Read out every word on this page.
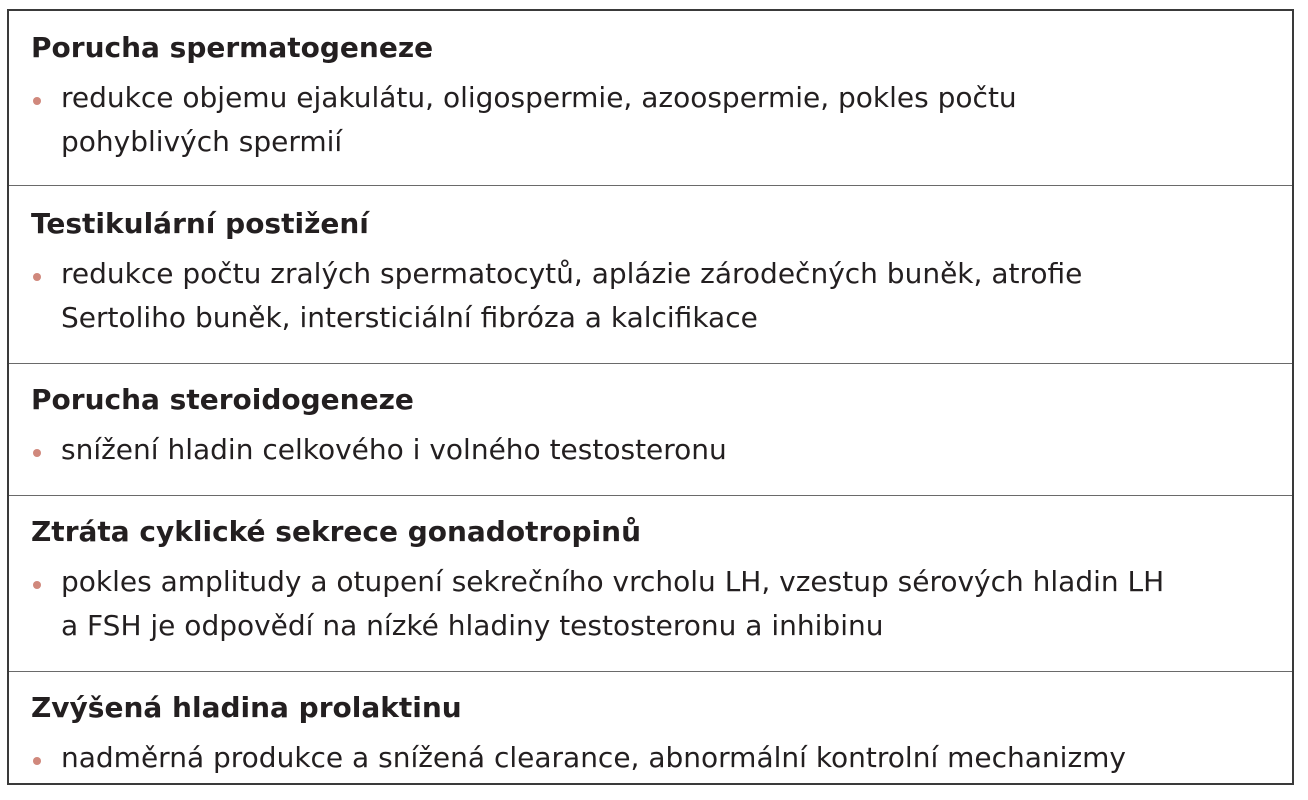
Porucha spermatogeneze
redukce objemu ejakulátu, oligospermie, azoospermie, pokles počtu
pohyblivých spermií
Testikulární postižení
redukce počtu zralých spermatocytů, aplázie zárodečných buněk, atrofie
Sertoliho buněk, intersticiální fibróza a kalcifikace
Porucha steroidogeneze
snížení hladin celkového i volného testosteronu
Ztráta cyklické sekrece gonadotropinů
pokles amplitudy a otupení sekrečního vrcholu LH, vzestup sérových hladin LH
a FSH je odpovědí na nízké hladiny testosteronu a inhibinu
Zvýšená hladina prolaktinu
nadměrná produkce a snížená clearance, abnormální kontrolní mechanizmy
